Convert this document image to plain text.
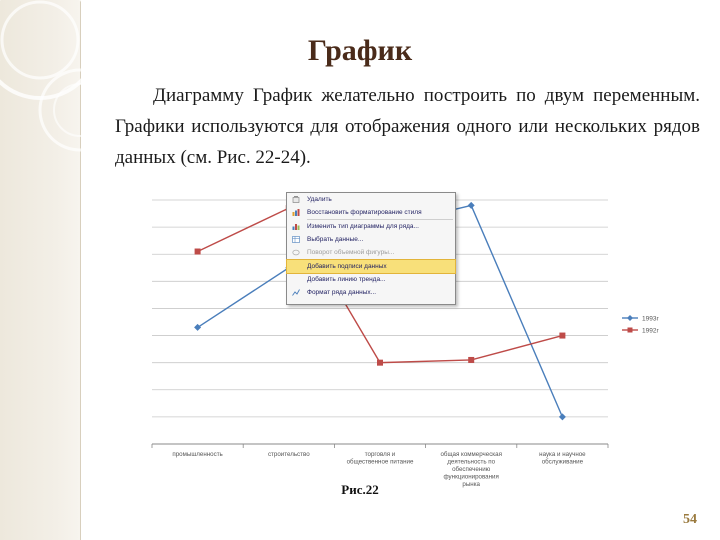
График

Диаграмму График желательно построить по двум переменным. Графики используются для отображения одного или нескольких рядов данных (см. Рис. 22-24).

промышленность	строительство	торговля и общественное питание
общая коммерческая деятельность по обеспечению функционирования рынка
наука и научное обслуживание
1993г
1992г
Удалить
Восстановить форматирование стиля
Изменить тип диаграммы для ряда...
Выбрать данные...
Поворот объемной фигуры...
Добавить подписи данных
Добавить линию тренда...
Формат ряда данных...
Рис.22
54
